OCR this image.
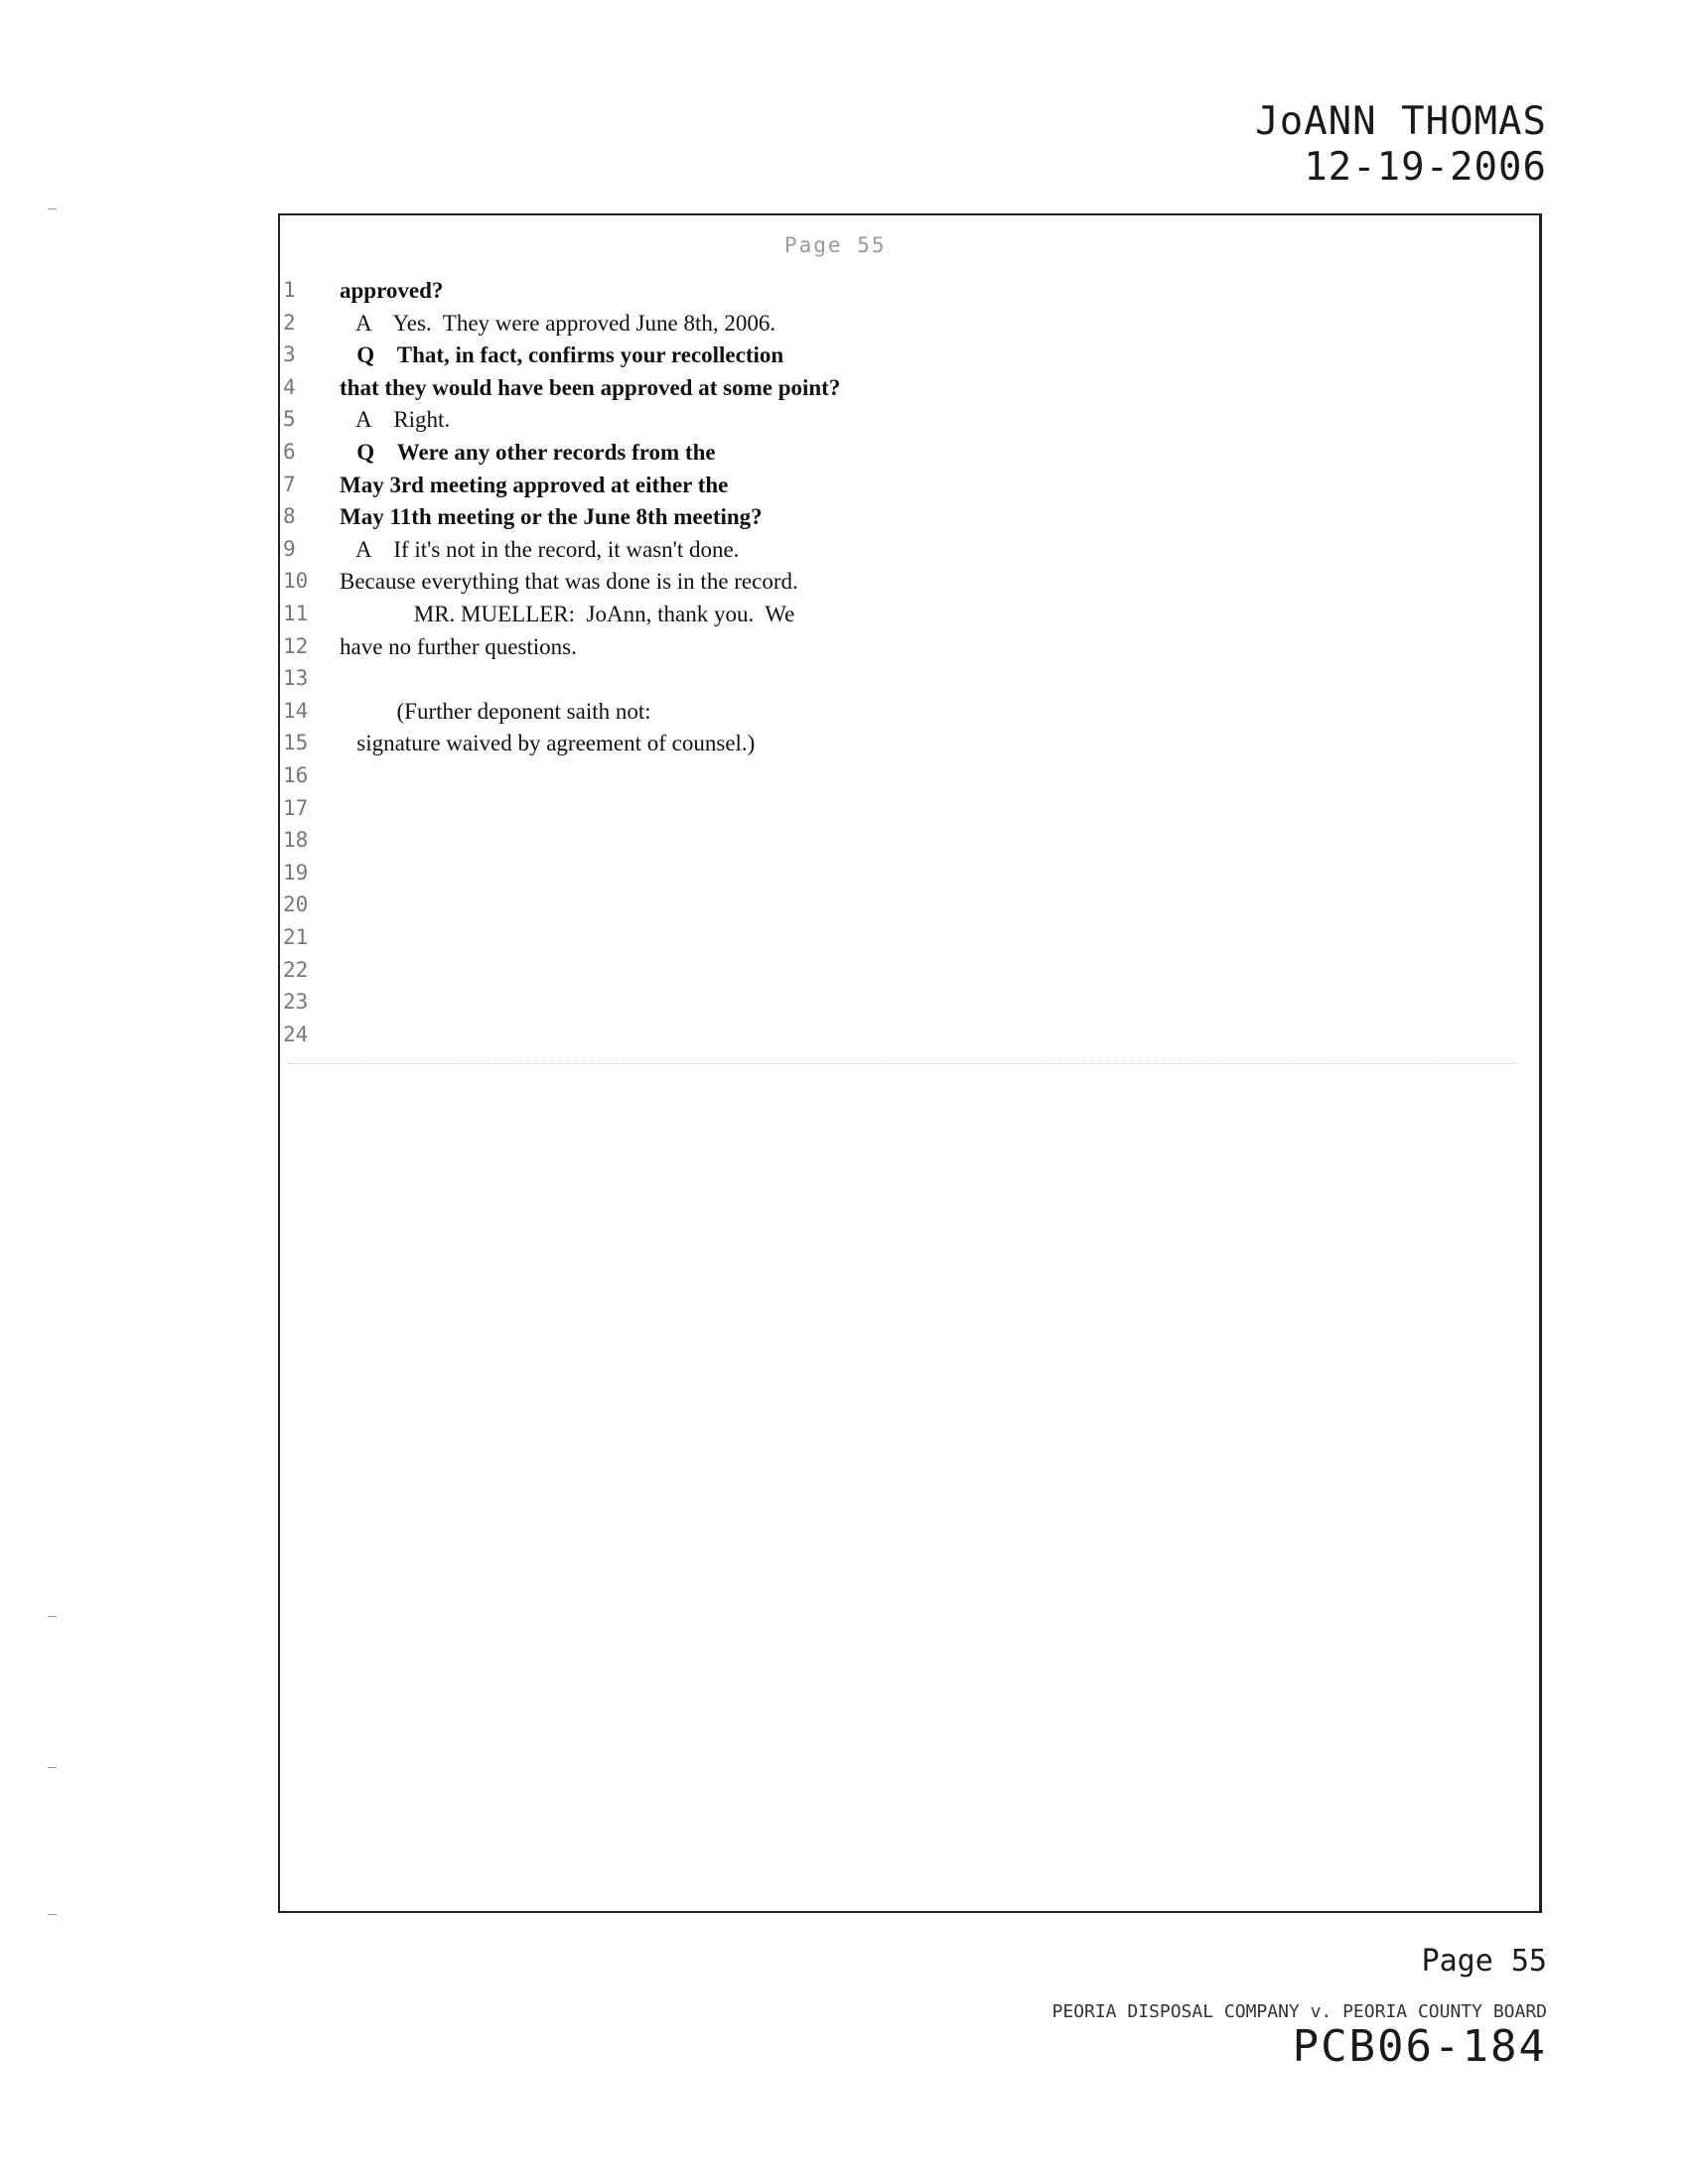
JoANN THOMAS
12-19-2006
Page 55
1	approved?
2	A    Yes.  They were approved June 8th, 2006.
3	Q    That, in fact, confirms your recollection
4	that they would have been approved at some point?
5	A    Right.
6	Q    Were any other records from the
7	May 3rd meeting approved at either the
8	May 11th meeting or the June 8th meeting?
9	A    If it's not in the record, it wasn't done.
10	Because everything that was done is in the record.
11	MR. MUELLER:  JoAnn, thank you.  We
12	have no further questions.
13
14	(Further deponent saith not:
15	signature waived by agreement of counsel.)
16
17
18
19
20
21
22
23
24
Page 55
PEORIA DISPOSAL COMPANY v. PEORIA COUNTY BOARD
PCB06-184
